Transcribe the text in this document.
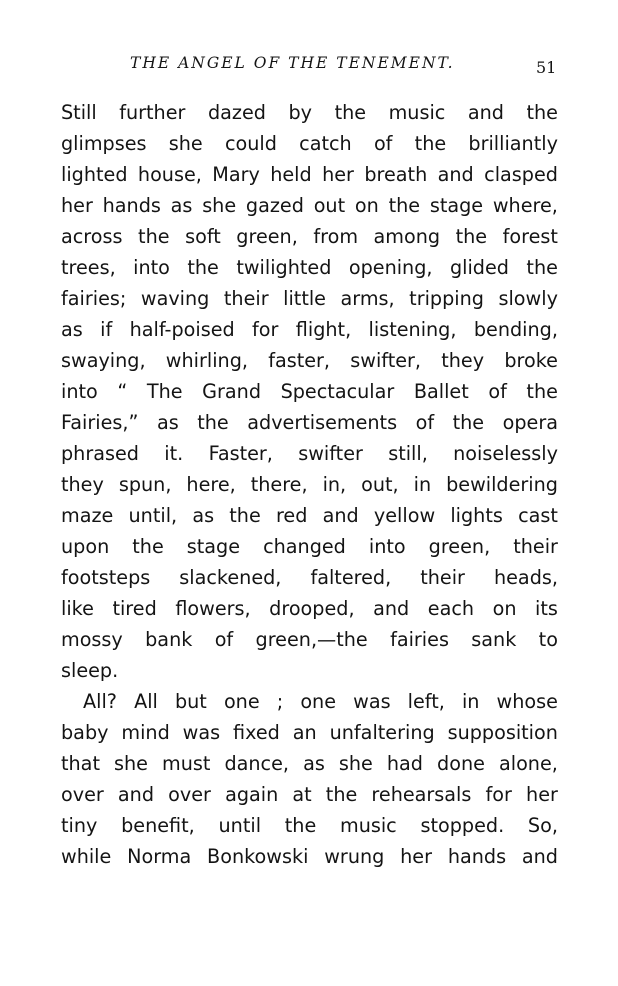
THE ANGEL OF THE TENEMENT.	51
Still further dazed by the music and the
glimpses she could catch of the brilliantly
lighted house, Mary held her breath and clasped
her hands as she gazed out on the stage where,
across the soft green, from among the forest
trees, into the twilighted opening, glided the
fairies; waving their little arms, tripping slowly
as if half-poised for flight, listening, bending,
swaying, whirling, faster, swifter, they broke
into “ The Grand Spectacular Ballet of the
Fairies,” as the advertisements of the opera
phrased it. Faster, swifter still, noiselessly
they spun, here, there, in, out, in bewildering
maze until, as the red and yellow lights cast
upon the stage changed into green, their
footsteps slackened, faltered, their heads,
like tired flowers, drooped, and each on its
mossy bank of green,—the fairies sank to
sleep.
All? All but one ; one was left, in whose
baby mind was fixed an unfaltering supposition
that she must dance, as she had done alone,
over and over again at the rehearsals for her
tiny benefit, until the music stopped. So,
while Norma Bonkowski wrung her hands and
